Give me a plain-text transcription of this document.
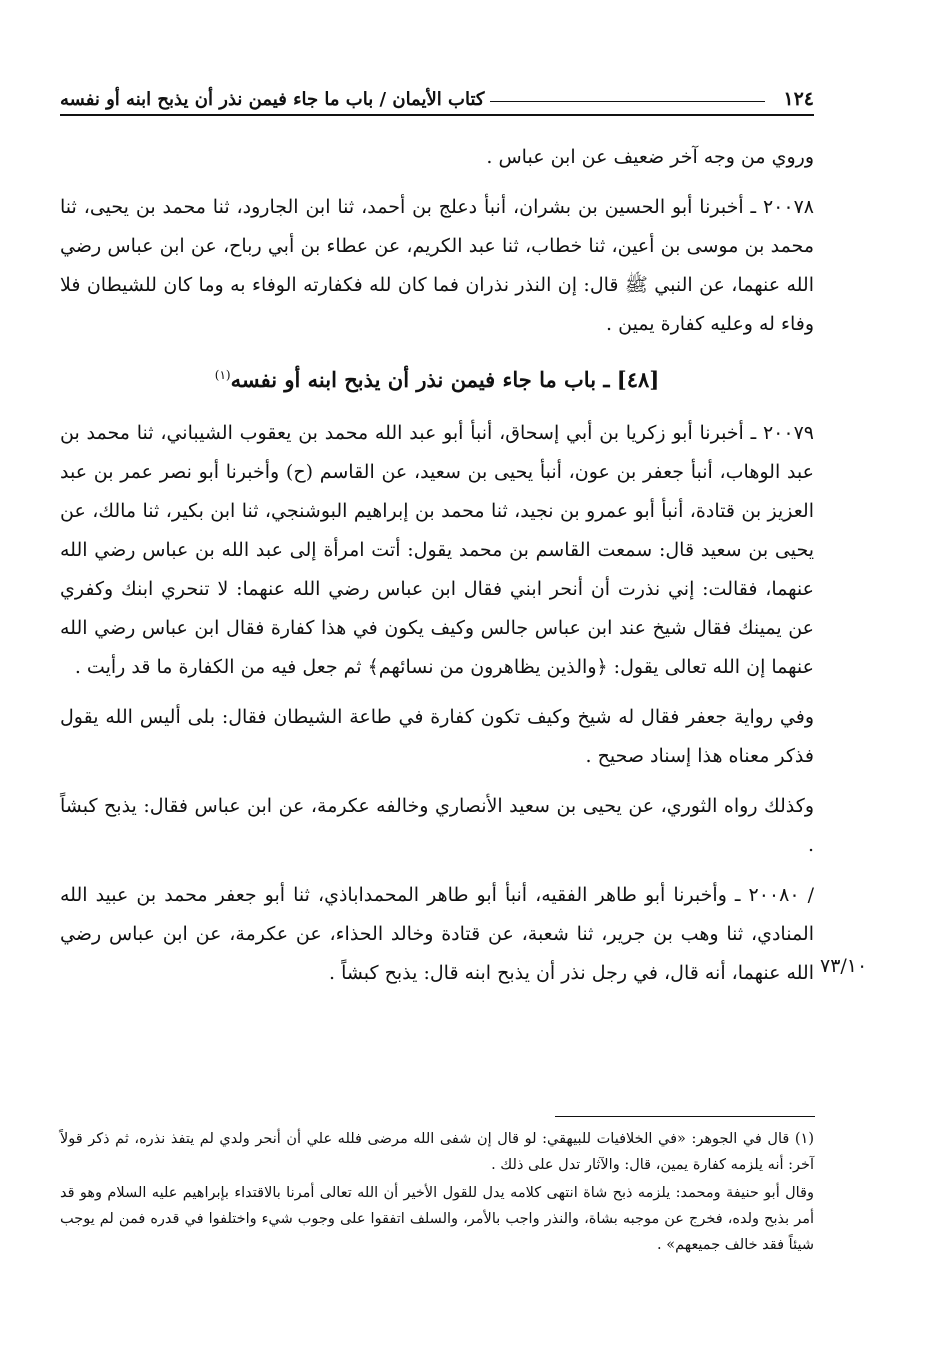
١٢٤
كتاب الأيمان / باب ما جاء فيمن نذر أن يذبح ابنه أو نفسه

وروي من وجه آخر ضعيف عن ابن عباس .

٢٠٠٧٨ ـ أخبرنا أبو الحسين بن بشران، أنبأ دعلج بن أحمد، ثنا ابن الجارود، ثنا محمد بن يحيى، ثنا محمد بن موسى بن أعين، ثنا خطاب، ثنا عبد الكريم، عن عطاء بن أبي رباح، عن ابن عباس رضي الله عنهما، عن النبي ﷺ قال: إن النذر نذران فما كان لله فكفارته الوفاء به وما كان للشيطان فلا وفاء له وعليه كفارة يمين .

[٤٨] ـ باب ما جاء فيمن نذر أن يذبح ابنه أو نفسه$^{(١)}$

٢٠٠٧٩ ـ أخبرنا أبو زكريا بن أبي إسحاق، أنبأ أبو عبد الله محمد بن يعقوب الشيباني، ثنا محمد بن عبد الوهاب، أنبأ جعفر بن عون، أنبأ يحيى بن سعيد، عن القاسم (ح) وأخبرنا أبو نصر عمر بن عبد العزيز بن قتادة، أنبأ أبو عمرو بن نجيد، ثنا محمد بن إبراهيم البوشنجي، ثنا ابن بكير، ثنا مالك، عن يحيى بن سعيد قال: سمعت القاسم بن محمد يقول: أتت امرأة إلى عبد الله بن عباس رضي الله عنهما، فقالت: إني نذرت أن أنحر ابني فقال ابن عباس رضي الله عنهما: لا تنحري ابنك وكفري عن يمينك فقال شيخ عند ابن عباس جالس وكيف يكون في هذا كفارة فقال ابن عباس رضي الله عنهما إن الله تعالى يقول: ﴿والذين يظاهرون من نسائهم﴾ ثم جعل فيه من الكفارة ما قد رأيت .

وفي رواية جعفر فقال له شيخ وكيف تكون كفارة في طاعة الشيطان فقال: بلى أليس الله يقول فذكر معناه هذا إسناد صحيح .

وكذلك رواه الثوري، عن يحيى بن سعيد الأنصاري وخالفه عكرمة، عن ابن عباس فقال: يذبح كبشاً .

/ ٢٠٠٨٠ ـ وأخبرنا أبو طاهر الفقيه، أنبأ أبو طاهر المحمداباذي، ثنا أبو جعفر محمد بن عبيد الله المنادي، ثنا وهب بن جرير، ثنا شعبة، عن قتادة وخالد الحذاء، عن عكرمة، عن ابن عباس رضي الله عنهما، أنه قال، في رجل نذر أن يذبح ابنه قال: يذبح كبشاً . ٧٣/١٠

(١) قال في الجوهر: «في الخلافيات للبيهقي: لو قال إن شفى الله مرضى فلله علي أن أنحر ولدي لم يتفذ نذره، ثم ذكر قولاً آخر: أنه يلزمه كفارة يمين، قال: والآثار تدل على ذلك .

وقال أبو حنيفة ومحمد: يلزمه ذبح شاة انتهى كلامه يدل للقول الأخير أن الله تعالى أمرنا بالاقتداء بإبراهيم عليه السلام وهو قد أمر بذبح ولده، فخرج عن موجبه بشاة، والنذر واجب بالأمر، والسلف اتفقوا على وجوب شيء واختلفوا في قدره فمن لم يوجب شيئاً فقد خالف جميعهم» .
